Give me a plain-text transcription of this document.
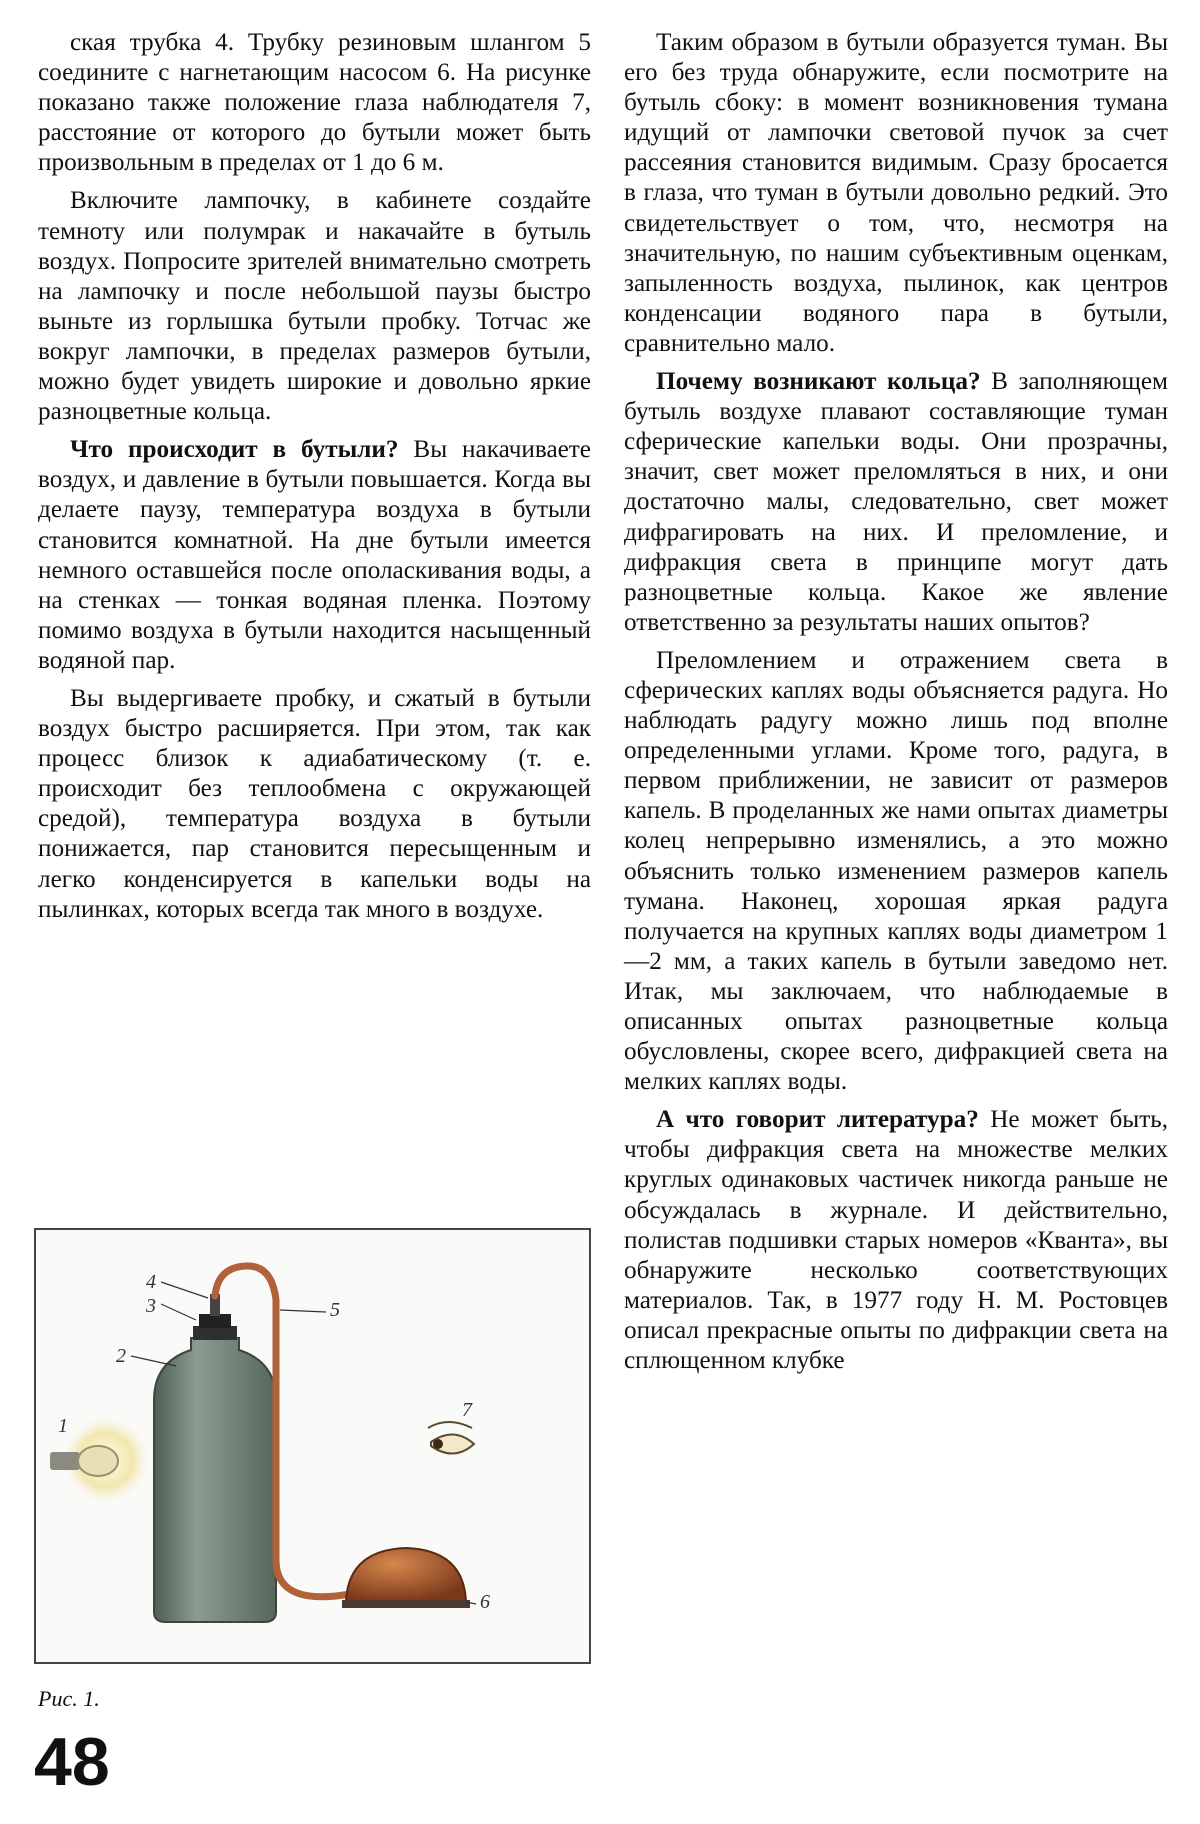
ская трубка 4. Трубку резиновым шлангом 5 соедините с нагнетающим насосом 6. На рисунке показано также положение глаза наблюдателя 7, расстояние от которого до бутыли может быть произвольным в пределах от 1 до 6 м.

Включите лампочку, в кабинете создайте темноту или полумрак и накачайте в бутыль воздух. Попросите зрителей внимательно смотреть на лампочку и после небольшой паузы быстро выньте из горлышка бутыли пробку. Тотчас же вокруг лампочки, в пределах размеров бутыли, можно будет увидеть широкие и довольно яркие разноцветные кольца.

Что происходит в бутыли? Вы накачиваете воздух, и давление в бутыли повышается. Когда вы делаете паузу, температура воздуха в бутыли становится комнатной. На дне бутыли имеется немного оставшейся после ополаскивания воды, а на стенках — тонкая водяная пленка. Поэтому помимо воздуха в бутыли находится насыщенный водяной пар.

Вы выдергиваете пробку, и сжатый в бутыли воздух быстро расширяется. При этом, так как процесс близок к адиабатическому (т. е. происходит без теплообмена с окружающей средой), температура воздуха в бутыли понижается, пар становится пересыщенным и легко конденсируется в капельки воды на пылинках, которых всегда так много в воздухе.

Таким образом в бутыли образуется туман. Вы его без труда обнаружите, если посмотрите на бутыль сбоку: в момент возникновения тумана идущий от лампочки световой пучок за счет рассеяния становится видимым. Сразу бросается в глаза, что туман в бутыли довольно редкий. Это свидетельствует о том, что, несмотря на значительную, по нашим субъективным оценкам, запыленность воздуха, пылинок, как центров конденсации водяного пара в бутыли, сравнительно мало.

Почему возникают кольца? В заполняющем бутыль воздухе плавают составляющие туман сферические капельки воды. Они прозрачны, значит, свет может преломляться в них, и они достаточно малы, следовательно, свет может дифрагировать на них. И преломление, и дифракция света в принципе могут дать разноцветные кольца. Какое же явление ответственно за результаты наших опытов?

Преломлением и отражением света в сферических каплях воды объясняется радуга. Но наблюдать радугу можно лишь под вполне определенными углами. Кроме того, радуга, в первом приближении, не зависит от размеров капель. В проделанных же нами опытах диаметры колец непрерывно изменялись, а это можно объяснить только изменением размеров капель тумана. Наконец, хорошая яркая радуга получается на крупных каплях воды диаметром 1—2 мм, а таких капель в бутыли заведомо нет. Итак, мы заключаем, что наблюдаемые в описанных опытах разноцветные кольца обусловлены, скорее всего, дифракцией света на мелких каплях воды.

А что говорит литература? Не может быть, чтобы дифракция света на множестве мелких круглых одинаковых частичек никогда раньше не обсуждалась в журнале. И действительно, полистав подшивки старых номеров «Кванта», вы обнаружите несколько соответствующих материалов. Так, в 1977 году Н. М. Ростовцев описал прекрасные опыты по дифракции света на сплющенном клубке

4
3	5
2
1
7
6
Рис. 1.
48
